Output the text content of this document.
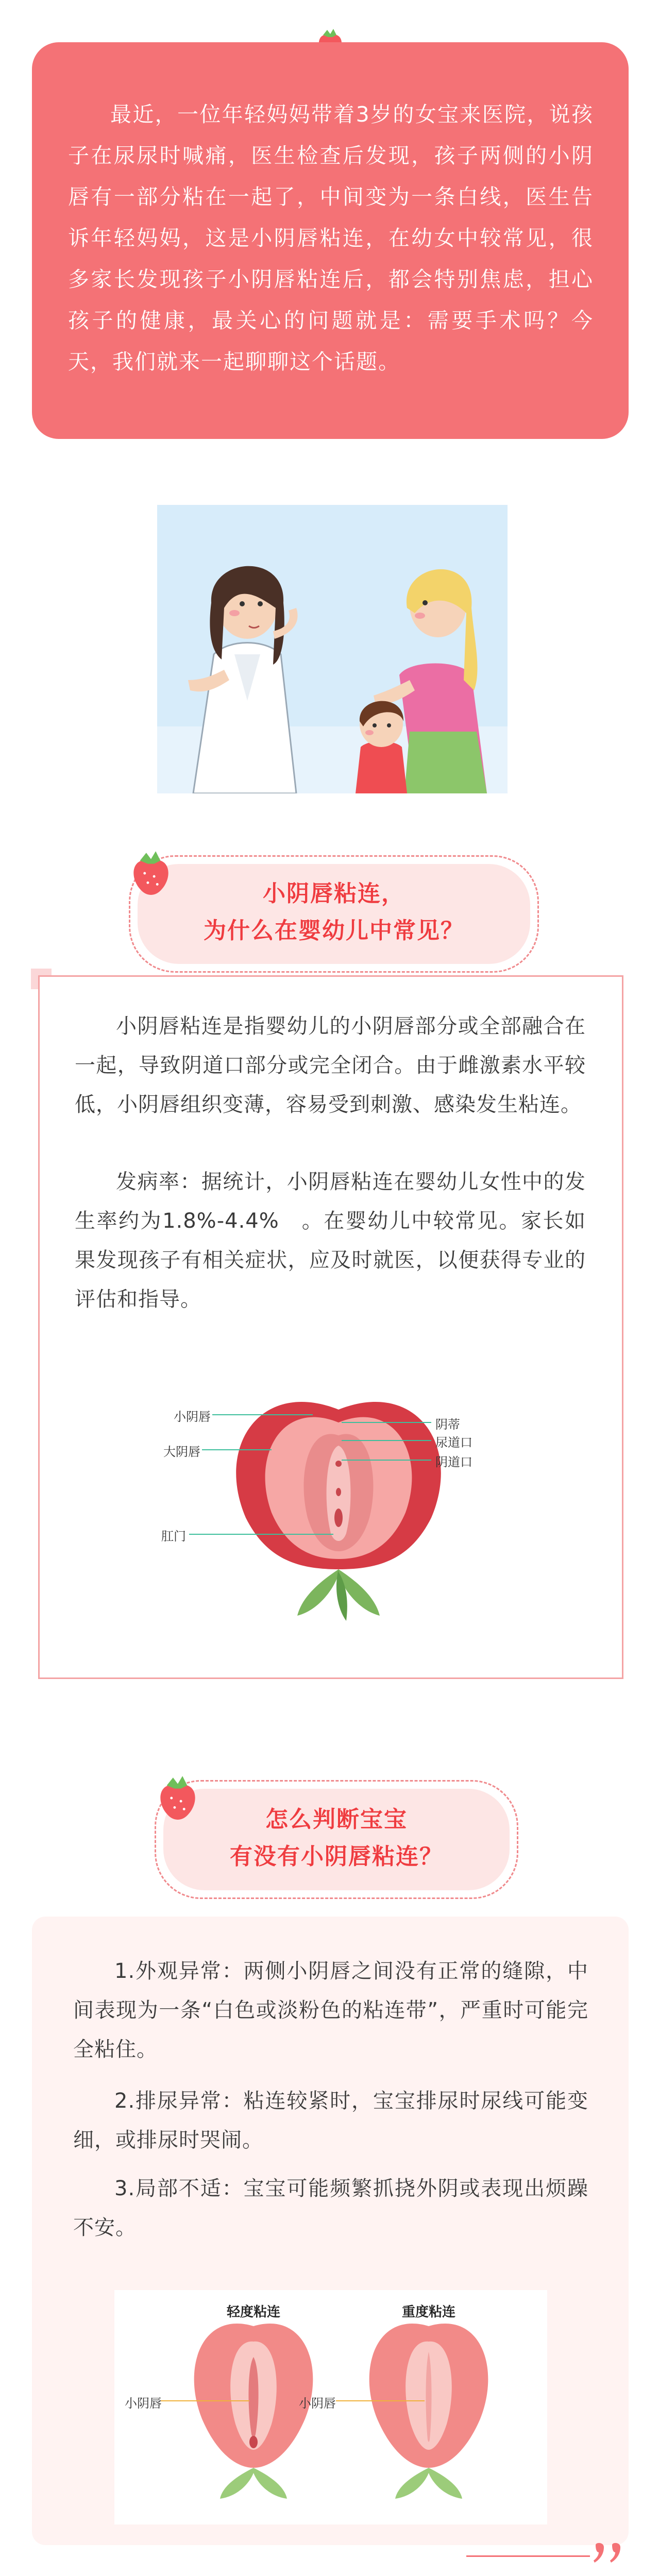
最近，一位年轻妈妈带着3岁的女宝来医院，说孩子在尿尿时喊痛，医生检查后发现，孩子两侧的小阴唇有一部分粘在一起了，中间变为一条白线，医生告诉年轻妈妈，这是小阴唇粘连，在幼女中较常见，很多家长发现孩子小阴唇粘连后，都会特别焦虑，担心孩子的健康，最关心的问题就是：需要手术吗？今天，我们就来一起聊聊这个话题。
小阴唇粘连，
为什么在婴幼儿中常见？
小阴唇粘连是指婴幼儿的小阴唇部分或全部融合在一起，导致阴道口部分或完全闭合。由于雌激素水平较低，小阴唇组织变薄，容易受到刺激、感染发生粘连。
发病率：据统计，小阴唇粘连在婴幼儿女性中的发生率约为1.8%-4.4%　。在婴幼儿中较常见。家长如果发现孩子有相关症状，应及时就医，以便获得专业的评估和指导。
小阴唇
大阴唇
肛门
阴蒂
尿道口
阴道口
怎么判断宝宝
有没有小阴唇粘连？
1.外观异常：两侧小阴唇之间没有正常的缝隙，中间表现为一条“白色或淡粉色的粘连带”，严重时可能完全粘住。
2.排尿异常：粘连较紧时，宝宝排尿时尿线可能变细，或排尿时哭闹。
3.局部不适：宝宝可能频繁抓挠外阴或表现出烦躁不安。
轻度粘连	重度粘连
小阴唇	小阴唇
